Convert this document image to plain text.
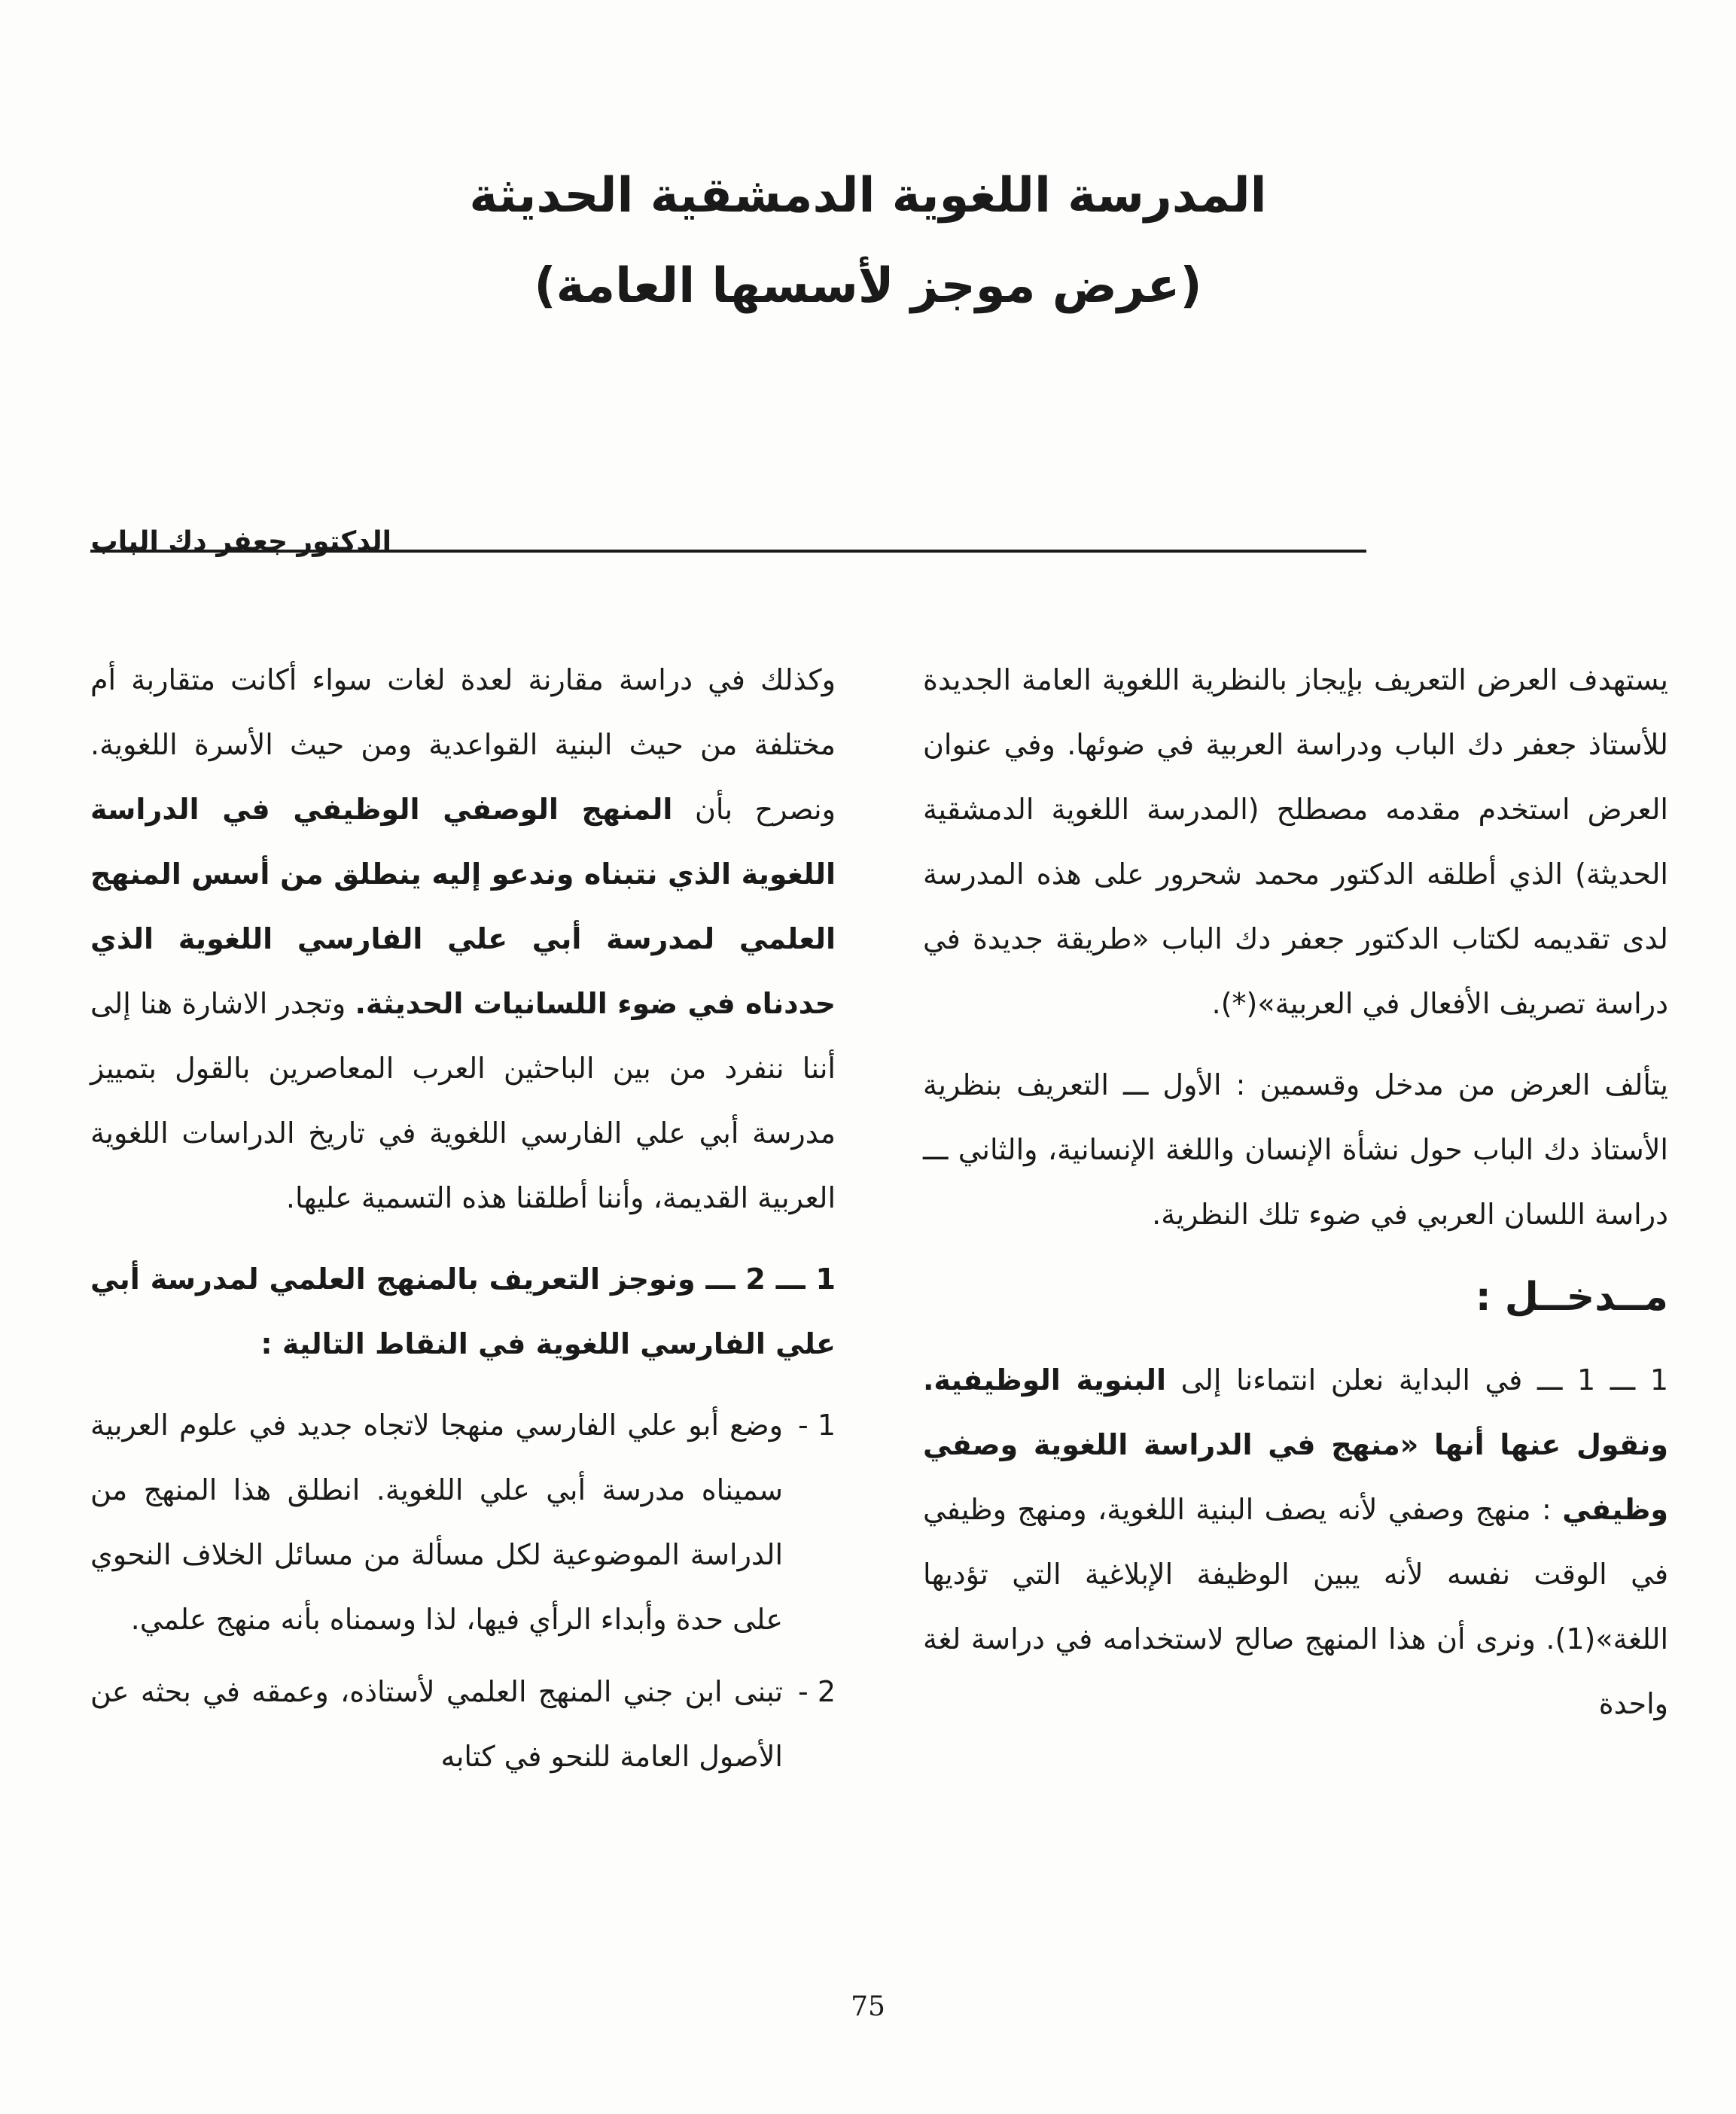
المدرسة اللغوية الدمشقية الحديثة
(عرض موجز لأسسها العامة)
الدكتور جعفر دك الباب

يستهدف العرض التعريف بإيجاز بالنظرية اللغوية العامة الجديدة للأستاذ جعفر دك الباب ودراسة العربية في ضوئها. وفي عنوان العرض استخدم مقدمه مصطلح (المدرسة اللغوية الدمشقية الحديثة) الذي أطلقه الدكتور محمد شحرور على هذه المدرسة لدى تقديمه لكتاب الدكتور جعفر دك الباب «طريقة جديدة في دراسة تصريف الأفعال في العربية»(*).

يتألف العرض من مدخل وقسمين : الأول ـــ التعريف بنظرية الأستاذ دك الباب حول نشأة الإنسان واللغة الإنسانية، والثاني ـــ دراسة اللسان العربي في ضوء تلك النظرية.

مــدخــل :

1 ـــ 1 ـــ في البداية نعلن انتماءنا إلى البنوية الوظيفية. ونقول عنها أنها «منهج في الدراسة اللغوية وصفي وظيفي : منهج وصفي لأنه يصف البنية اللغوية، ومنهج وظيفي في الوقت نفسه لأنه يبين الوظيفة الإبلاغية التي تؤديها اللغة»(1). ونرى أن هذا المنهج صالح لاستخدامه في دراسة لغة واحدة

وكذلك في دراسة مقارنة لعدة لغات سواء أكانت متقاربة أم مختلفة من حيث البنية القواعدية ومن حيث الأسرة اللغوية. ونصرح بأن المنهج الوصفي الوظيفي في الدراسة اللغوية الذي نتبناه وندعو إليه ينطلق من أسس المنهج العلمي لمدرسة أبي علي الفارسي اللغوية الذي حددناه في ضوء اللسانيات الحديثة. وتجدر الاشارة هنا إلى أننا ننفرد من بين الباحثين العرب المعاصرين بالقول بتمييز مدرسة أبي علي الفارسي اللغوية في تاريخ الدراسات اللغوية العربية القديمة، وأننا أطلقنا هذه التسمية عليها.

1 ـــ 2 ـــ ونوجز التعريف بالمنهج العلمي لمدرسة أبي علي الفارسي اللغوية في النقاط التالية :

1 -
وضع أبو علي الفارسي منهجا لاتجاه جديد في علوم العربية سميناه مدرسة أبي علي اللغوية. انطلق هذا المنهج من الدراسة الموضوعية لكل مسألة من مسائل الخلاف النحوي على حدة وأبداء الرأي فيها، لذا وسمناه بأنه منهج علمي.
2 -
تبنى ابن جني المنهج العلمي لأستاذه، وعمقه في بحثه عن الأصول العامة للنحو في كتابه
75
